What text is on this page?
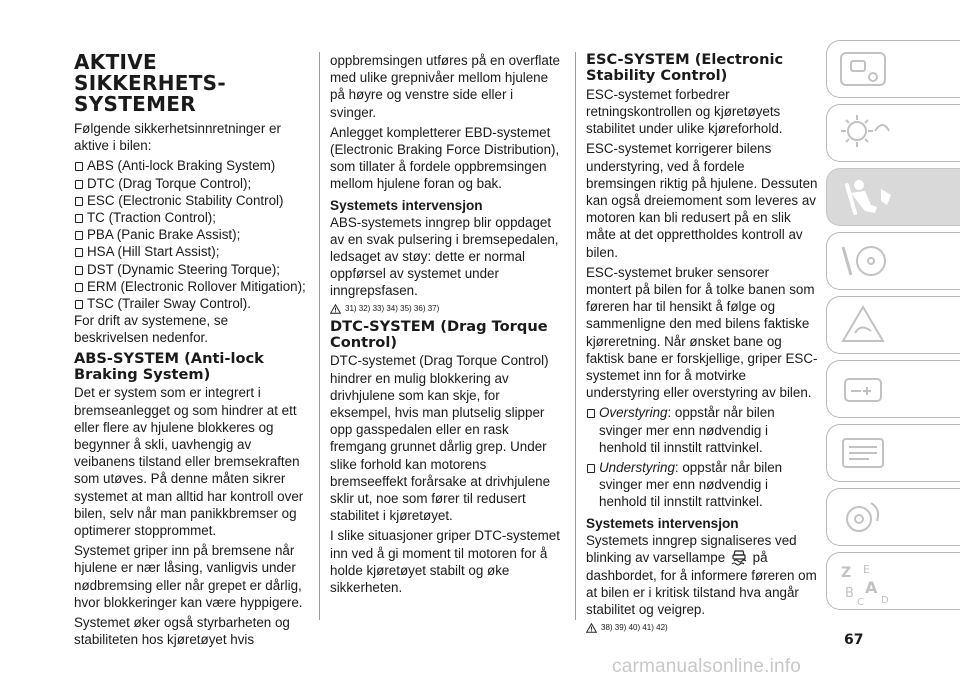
AKTIVE
SIKKERHETS-
SYSTEMER

Følgende sikkerhetsinnretninger er aktive i bilen:

ABS (Anti-lock Braking System)
DTC (Drag Torque Control);
ESC (Electronic Stability Control)
TC (Traction Control);
PBA (Panic Brake Assist);
HSA (Hill Start Assist);
DST (Dynamic Steering Torque);
ERM (Electronic Rollover Mitigation);
TSC (Trailer Sway Control).

For drift av systemene, se beskrivelsen nedenfor.

ABS-SYSTEM (Anti-lock Braking System)

Det er system som er integrert i bremseanlegget og som hindrer at ett eller flere av hjulene blokkeres og begynner å skli, uavhengig av veibanens tilstand eller bremsekraften som utøves. På denne måten sikrer systemet at man alltid har kontroll over bilen, selv når man panikkbremser og optimerer stopprommet.

Systemet griper inn på bremsene når hjulene er nær låsing, vanligvis under nødbremsing eller når grepet er dårlig, hvor blokkeringer kan være hyppigere.

Systemet øker også styrbarheten og stabiliteten hos kjøretøyet hvis

oppbremsingen utføres på en overflate med ulike grepnivåer mellom hjulene på høyre og venstre side eller i svinger.

Anlegget kompletterer EBD-systemet (Electronic Braking Force Distribution), som tillater å fordele oppbremsingen mellom hjulene foran og bak.

Systemets intervensjon

ABS-systemets inngrep blir oppdaget av en svak pulsering i bremsepedalen, ledsaget av støy: dette er normal oppførsel av systemet under inngrepsfasen.

31) 32) 33) 34) 35) 36) 37)
DTC-SYSTEM (Drag Torque Control)

DTC-systemet (Drag Torque Control) hindrer en mulig blokkering av drivhjulene som kan skje, for eksempel, hvis man plutselig slipper opp gasspedalen eller en rask fremgang grunnet dårlig grep. Under slike forhold kan motorens bremseeffekt forårsake at drivhjulene sklir ut, noe som fører til redusert stabilitet i kjøretøyet.

I slike situasjoner griper DTC-systemet inn ved å gi moment til motoren for å holde kjøretøyet stabilt og øke sikkerheten.

ESC-SYSTEM (Electronic Stability Control)

ESC-systemet forbedrer retningskontrollen og kjøretøyets stabilitet under ulike kjøreforhold.

ESC-systemet korrigerer bilens understyring, ved å fordele bremsingen riktig på hjulene. Dessuten kan også dreiemoment som leveres av motoren kan bli redusert på en slik måte at det opprettholdes kontroll av bilen.

ESC-systemet bruker sensorer montert på bilen for å tolke banen som føreren har til hensikt å følge og sammenligne den med bilens faktiske kjøreretning. Når ønsket bane og faktisk bane er forskjellige, griper ESC-systemet inn for å motvirke understyring eller overstyring av bilen.

Overstyring: oppstår når bilen svinger mer enn nødvendig i henhold til innstilt rattvinkel.

Understyring: oppstår når bilen svinger mer enn nødvendig i henhold til innstilt rattvinkel.

Systemets intervensjon

Systemets inngrep signaliseres ved blinking av varsellampe på dashbordet, for å informere føreren om at bilen er i kritisk tilstand hva angår stabilitet og veigrep.

38) 39) 40) 41) 42)
Z E
B A
C D
67
carmanualsonline.info
